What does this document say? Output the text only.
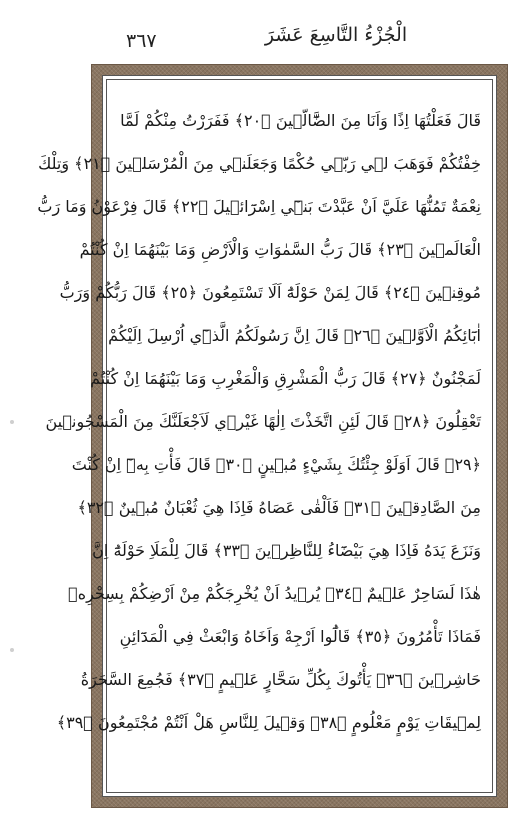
٣٦٧	الْجُزْءُ التَّاسِعَ عَشَرَ
قَالَ فَعَلْتُهَا اِذًا وَاَنَا مِنَ الضَّٓالّ۪ينَ ﴿٢٠﴾ فَفَرَرْتُ مِنْكُمْ لَمَّا
خِفْتُكُمْ فَوَهَبَ ل۪ي رَبّ۪ي حُكْمًا وَجَعَلَن۪ي مِنَ الْمُرْسَل۪ينَ ﴿٢١﴾ وَتِلْكَ
نِعْمَةٌ تَمُنُّهَا عَلَيَّ اَنْ عَبَّدْتَ بَن۪ٓي اِسْرَٓائ۪يلَ ﴿٢٢﴾ قَالَ فِرْعَوْنُ وَمَا رَبُّ
الْعَالَم۪ينَ ﴿٢٣﴾ قَالَ رَبُّ السَّمٰوَاتِ وَالْاَرْضِ وَمَا بَيْنَهُمَا اِنْ كُنْتُمْ
مُوقِن۪ينَ ﴿٢٤﴾ قَالَ لِمَنْ حَوْلَهُٓ اَلَا تَسْتَمِعُونَ ﴿٢٥﴾ قَالَ رَبُّكُمْ وَرَبُّ
اٰبَٓائِكُمُ الْاَوَّل۪ينَ ﴿٢٦﴾ قَالَ اِنَّ رَسُولَكُمُ الَّذ۪ٓي اُرْسِلَ اِلَيْكُمْ
لَمَجْنُونٌ ﴿٢٧﴾ قَالَ رَبُّ الْمَشْرِقِ وَالْمَغْرِبِ وَمَا بَيْنَهُمَا اِنْ كُنْتُمْ
تَعْقِلُونَ ﴿٢٨﴾ قَالَ لَئِنِ اتَّخَذْتَ اِلٰهًا غَيْر۪ي لَاَجْعَلَنَّكَ مِنَ الْمَسْجُون۪ينَ
﴿٢٩﴾ قَالَ اَوَلَوْ جِئْتُكَ بِشَيْءٍ مُب۪ينٍ ﴿٣٠﴾ قَالَ فَأْتِ بِه۪ٓ اِنْ كُنْتَ
مِنَ الصَّادِق۪ينَ ﴿٣١﴾ فَاَلْقٰى عَصَاهُ فَاِذَا هِيَ ثُعْبَانٌ مُب۪ينٌ ﴿٣٢﴾
وَنَزَعَ يَدَهُ فَاِذَا هِيَ بَيْضَٓاءُ لِلنَّاظِر۪ينَ ﴿٣٣﴾ قَالَ لِلْمَلَاِ حَوْلَهُٓ اِنَّ
هٰذَا لَسَاحِرٌ عَل۪يمٌ ﴿٣٤﴾ يُر۪يدُ اَنْ يُخْرِجَكُمْ مِنْ اَرْضِكُمْ بِسِحْرِه۪
فَمَاذَا تَأْمُرُونَ ﴿٣٥﴾ قَالُٓوا اَرْجِهْ وَاَخَاهُ وَابْعَثْ فِي الْمَدَٓائِنِ
حَاشِر۪ينَ ﴿٣٦﴾ يَأْتُوكَ بِكُلِّ سَحَّارٍ عَل۪يمٍ ﴿٣٧﴾ فَجُمِعَ السَّحَرَةُ
لِم۪يقَاتِ يَوْمٍ مَعْلُومٍ ﴿٣٨﴾ وَق۪يلَ لِلنَّاسِ هَلْ اَنْتُمْ مُجْتَمِعُونَ ﴿٣٩﴾
